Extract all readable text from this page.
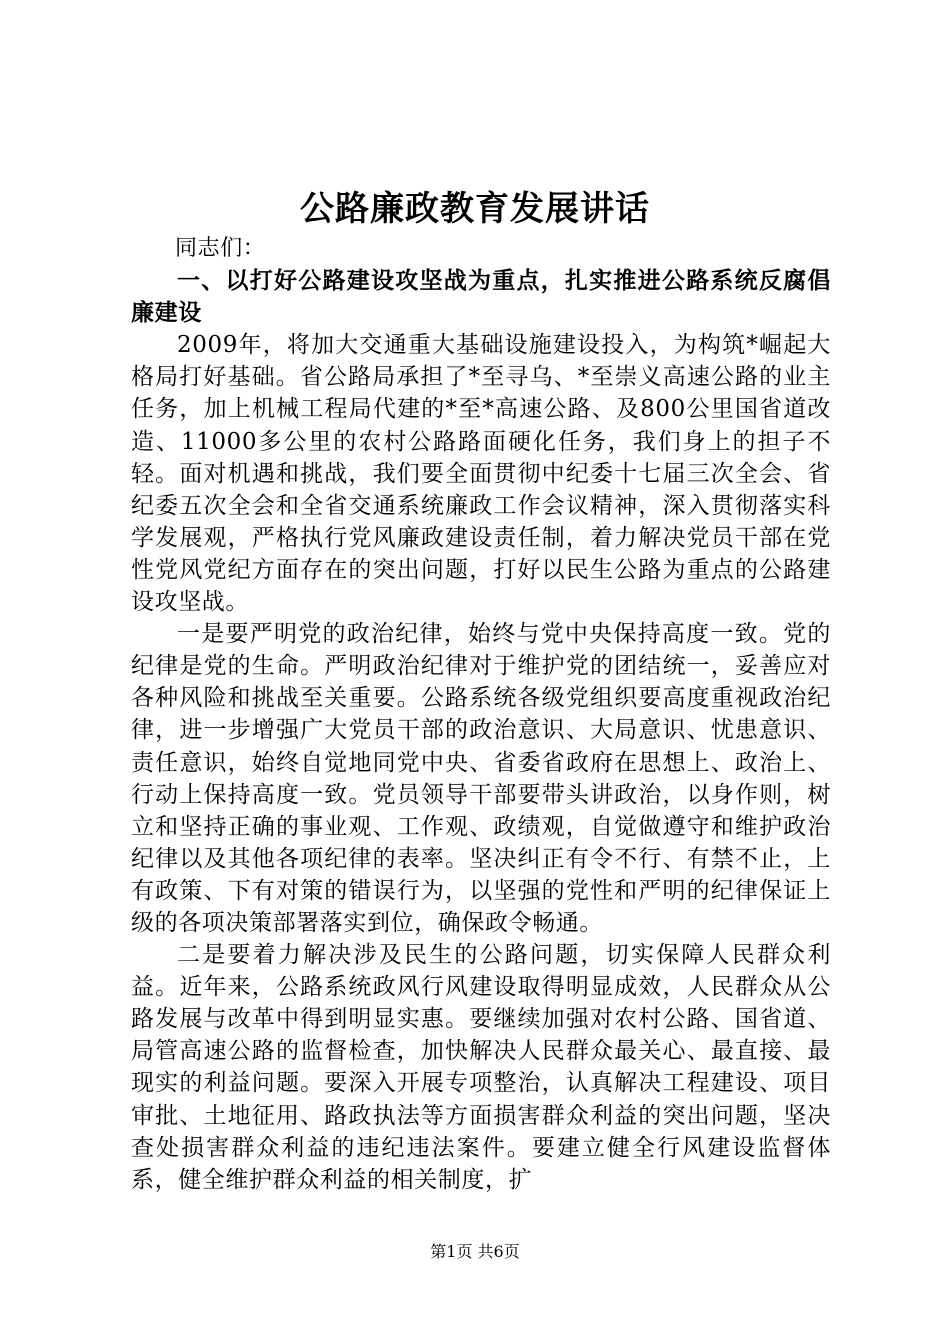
公路廉政教育发展讲话

同志们：

一、以打好公路建设攻坚战为重点，扎实推进公路系统反腐倡廉建设

2009年，将加大交通重大基础设施建设投入，为构筑*崛起大格局打好基础。省公路局承担了*至寻乌、*至崇义高速公路的业主任务，加上机械工程局代建的*至*高速公路、及800公里国省道改造、11000多公里的农村公路路面硬化任务，我们身上的担子不轻。面对机遇和挑战，我们要全面贯彻中纪委十七届三次全会、省纪委五次全会和全省交通系统廉政工作会议精神，深入贯彻落实科学发展观，严格执行党风廉政建设责任制，着力解决党员干部在党性党风党纪方面存在的突出问题，打好以民生公路为重点的公路建设攻坚战。

一是要严明党的政治纪律，始终与党中央保持高度一致。党的纪律是党的生命。严明政治纪律对于维护党的团结统一，妥善应对各种风险和挑战至关重要。公路系统各级党组织要高度重视政治纪律，进一步增强广大党员干部的政治意识、大局意识、忧患意识、责任意识，始终自觉地同党中央、省委省政府在思想上、政治上、行动上保持高度一致。党员领导干部要带头讲政治，以身作则，树立和坚持正确的事业观、工作观、政绩观，自觉做遵守和维护政治纪律以及其他各项纪律的表率。坚决纠正有令不行、有禁不止，上有政策、下有对策的错误行为，以坚强的党性和严明的纪律保证上级的各项决策部署落实到位，确保政令畅通。

二是要着力解决涉及民生的公路问题，切实保障人民群众利益。近年来，公路系统政风行风建设取得明显成效，人民群众从公路发展与改革中得到明显实惠。要继续加强对农村公路、国省道、局管高速公路的监督检查，加快解决人民群众最关心、最直接、最现实的利益问题。要深入开展专项整治，认真解决工程建设、项目审批、土地征用、路政执法等方面损害群众利益的突出问题，坚决查处损害群众利益的违纪违法案件。要建立健全行风建设监督体系，健全维护群众利益的相关制度，扩

第1页 共6页
